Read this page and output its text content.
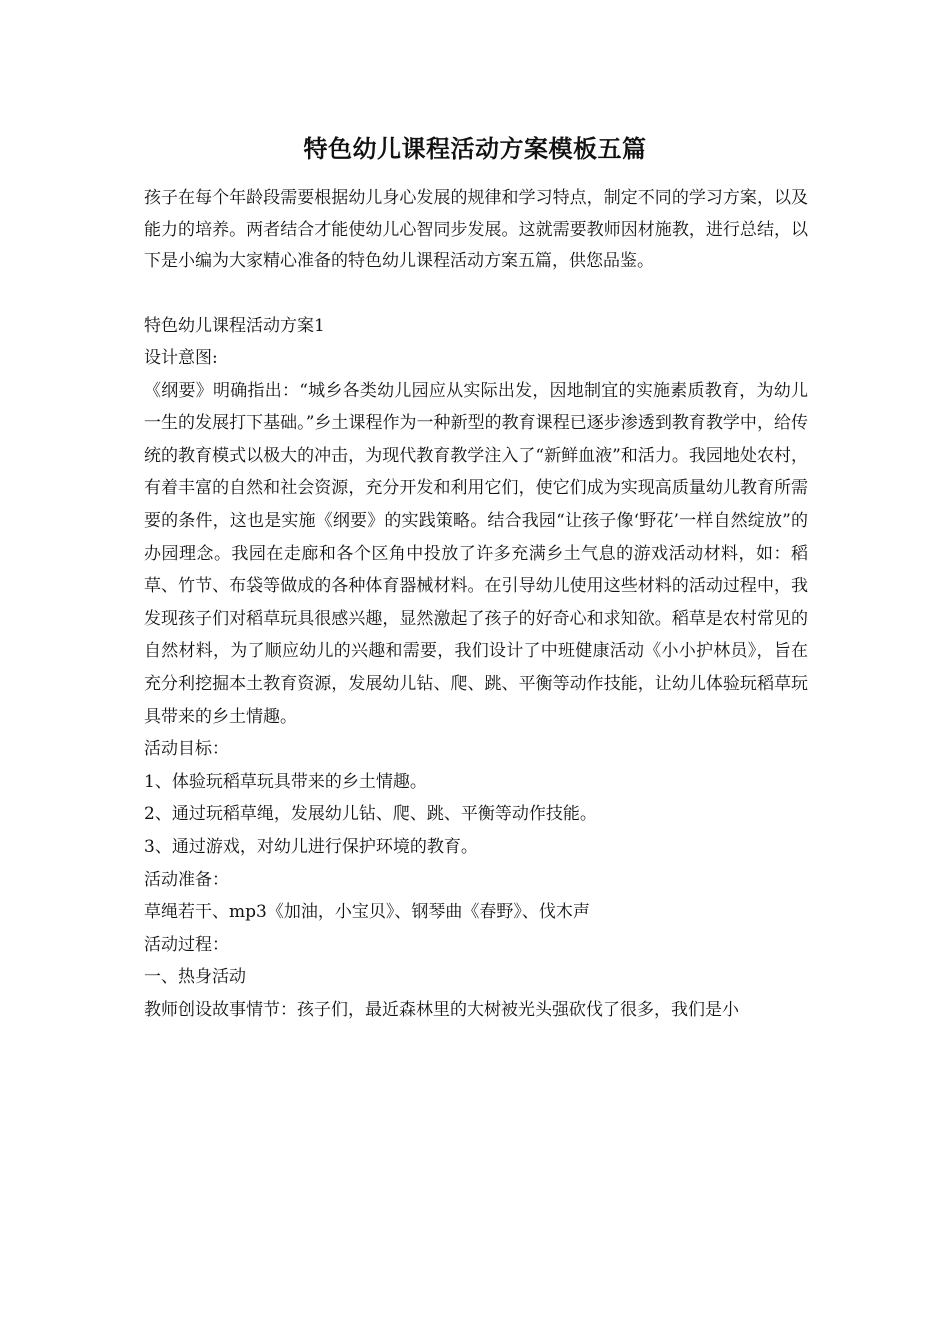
特色幼儿课程活动方案模板五篇

孩子在每个年龄段需要根据幼儿身心发展的规律和学习特点，制定不同的学习方案，以及能力的培养。两者结合才能使幼儿心智同步发展。这就需要教师因材施教，进行总结，以下是小编为大家精心准备的特色幼儿课程活动方案五篇，供您品鉴。

特色幼儿课程活动方案1

设计意图:

《纲要》明确指出：“城乡各类幼儿园应从实际出发，因地制宜的实施素质教育，为幼儿一生的发展打下基础。”乡土课程作为一种新型的教育课程已逐步渗透到教育教学中，给传统的教育模式以极大的冲击，为现代教育教学注入了“新鲜血液”和活力。我园地处农村，有着丰富的自然和社会资源，充分开发和利用它们，使它们成为实现高质量幼儿教育所需要的条件，这也是实施《纲要》的实践策略。结合我园“让孩子像‘野花’一样自然绽放”的办园理念。我园在走廊和各个区角中投放了许多充满乡土气息的游戏活动材料，如：稻草、竹节、布袋等做成的各种体育器械材料。在引导幼儿使用这些材料的活动过程中，我发现孩子们对稻草玩具很感兴趣，显然激起了孩子的好奇心和求知欲。稻草是农村常见的自然材料，为了顺应幼儿的兴趣和需要，我们设计了中班健康活动《小小护林员》，旨在充分利挖掘本土教育资源，发展幼儿钻、爬、跳、平衡等动作技能，让幼儿体验玩稻草玩具带来的乡土情趣。

活动目标：

1、体验玩稻草玩具带来的乡土情趣。

2、通过玩稻草绳，发展幼儿钻、爬、跳、平衡等动作技能。

3、通过游戏，对幼儿进行保护环境的教育。

活动准备：

草绳若干、mp3《加油，小宝贝》、钢琴曲《春野》、伐木声

活动过程：

一、热身活动

教师创设故事情节：孩子们，最近森林里的大树被光头强砍伐了很多，我们是小
